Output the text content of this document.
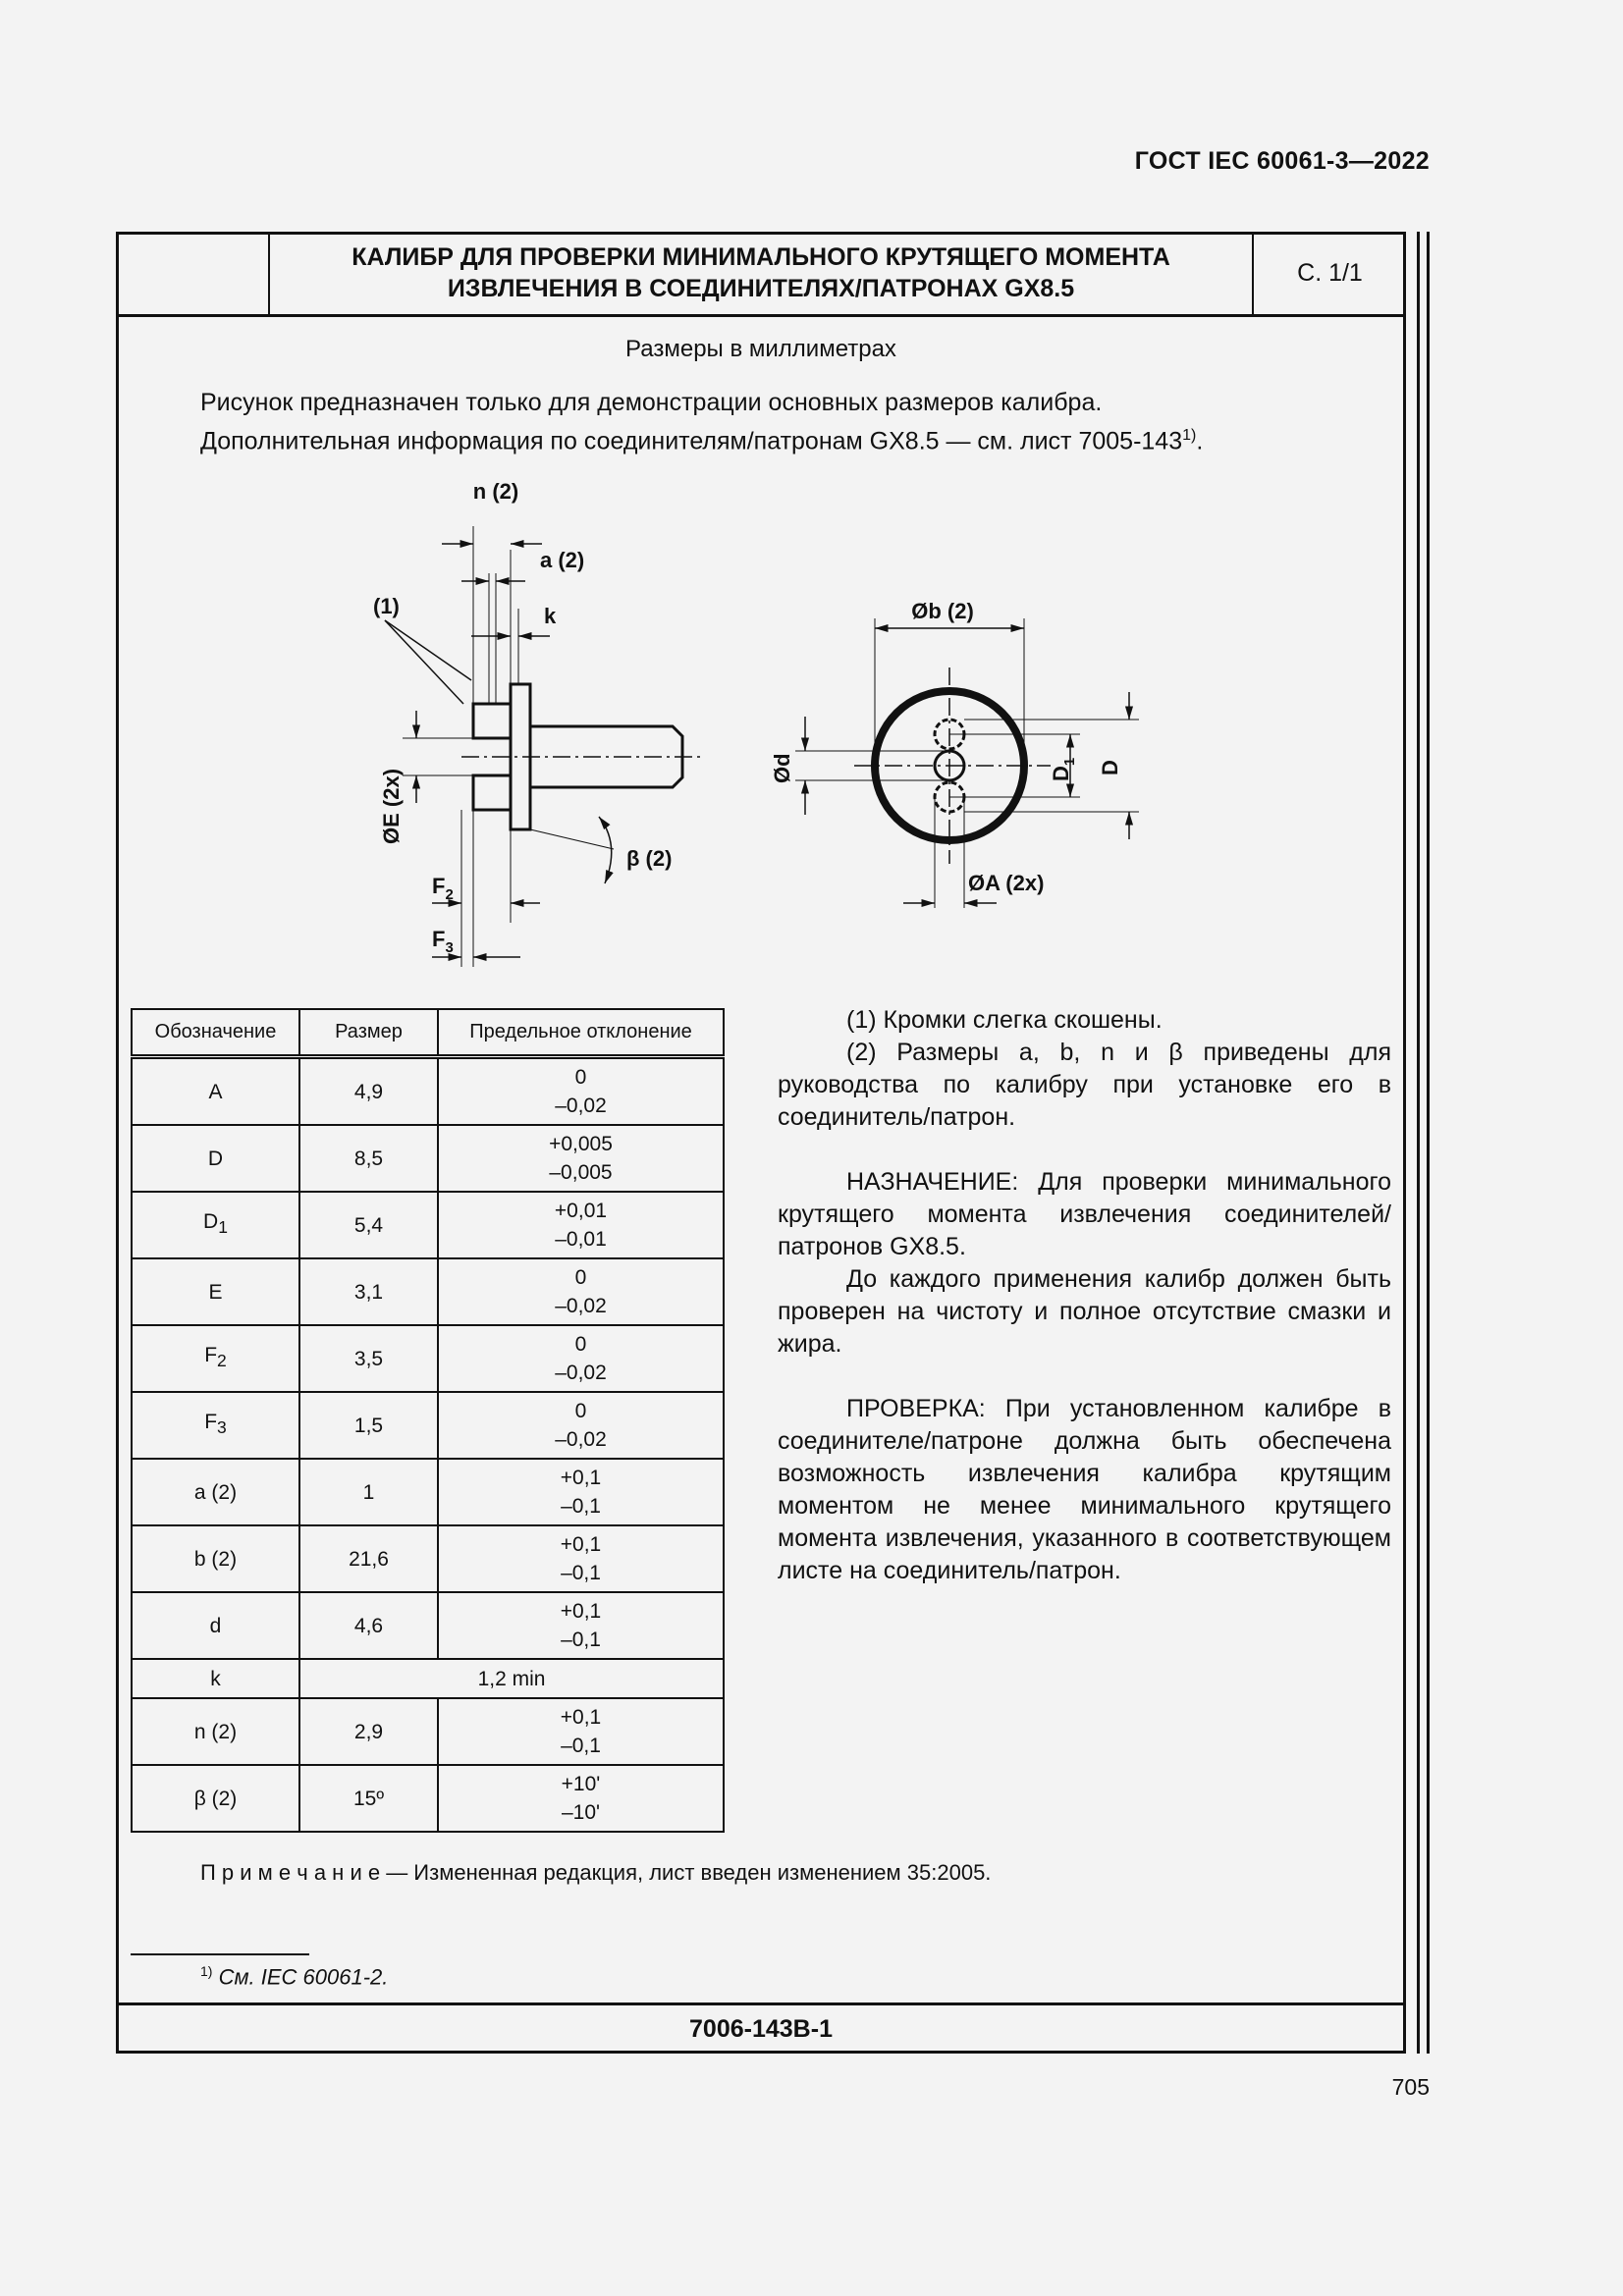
ГОСТ IEC 60061-3—2022
КАЛИБР ДЛЯ ПРОВЕРКИ МИНИМАЛЬНОГО КРУТЯЩЕГО МОМЕНТА
ИЗВЛЕЧЕНИЯ В СОЕДИНИТЕЛЯХ/ПАТРОНАХ GX8.5
С. 1/1
Размеры в миллиметрах
Рисунок предназначен только для демонстрации основных размеров калибра.
Дополнительная информация по соединителям/патронам GX8.5 — см. лист 7005-143$^{1)}$.
n (2)
a (2)
k
(1)
ØE (2x)
β (2)
$F_2$
$F_3$
Øb (2)
Ød	$D_1$ D
ØA (2x)
Обозначение	Размер	Предельное отклонение
A	4,9	0
–0,02

D	8,5	+0,005
–0,005

$D_1$	5,4	+0,01
–0,01

E	3,1	0
–0,02

$F_2$	3,5	0
–0,02

$F_3$	1,5	0
–0,02

a (2)	1	+0,1
–0,1

b (2)	21,6	+0,1
–0,1

d	4,6	+0,1
–0,1

k	1,2 min	
n (2)	2,9	+0,1
–0,1

β (2)	15º	+10'
–10'

(1) Кромки слегка скошены.

(2) Размеры a, b, n и β приведены для руководства по калибру при установке его в соединитель/патрон.

НАЗНАЧЕНИЕ: Для проверки минимального крутящего момента извлечения соединителей/патронов GX8.5.

До каждого применения калибр должен быть проверен на чистоту и полное отсутствие смазки и жира.

ПРОВЕРКА: При установленном калибре в соединителе/патроне должна быть обеспечена возможность извлечения калибра крутящим моментом не менее минимального крутящего момента извлечения, указанного в соответствующем листе на соединитель/патрон.

П р и м е ч а н и е — Измененная редакция, лист введен изменением 35:2005.
$^{1)}$ См. IEC 60061-2.
7006-143B-1
705
